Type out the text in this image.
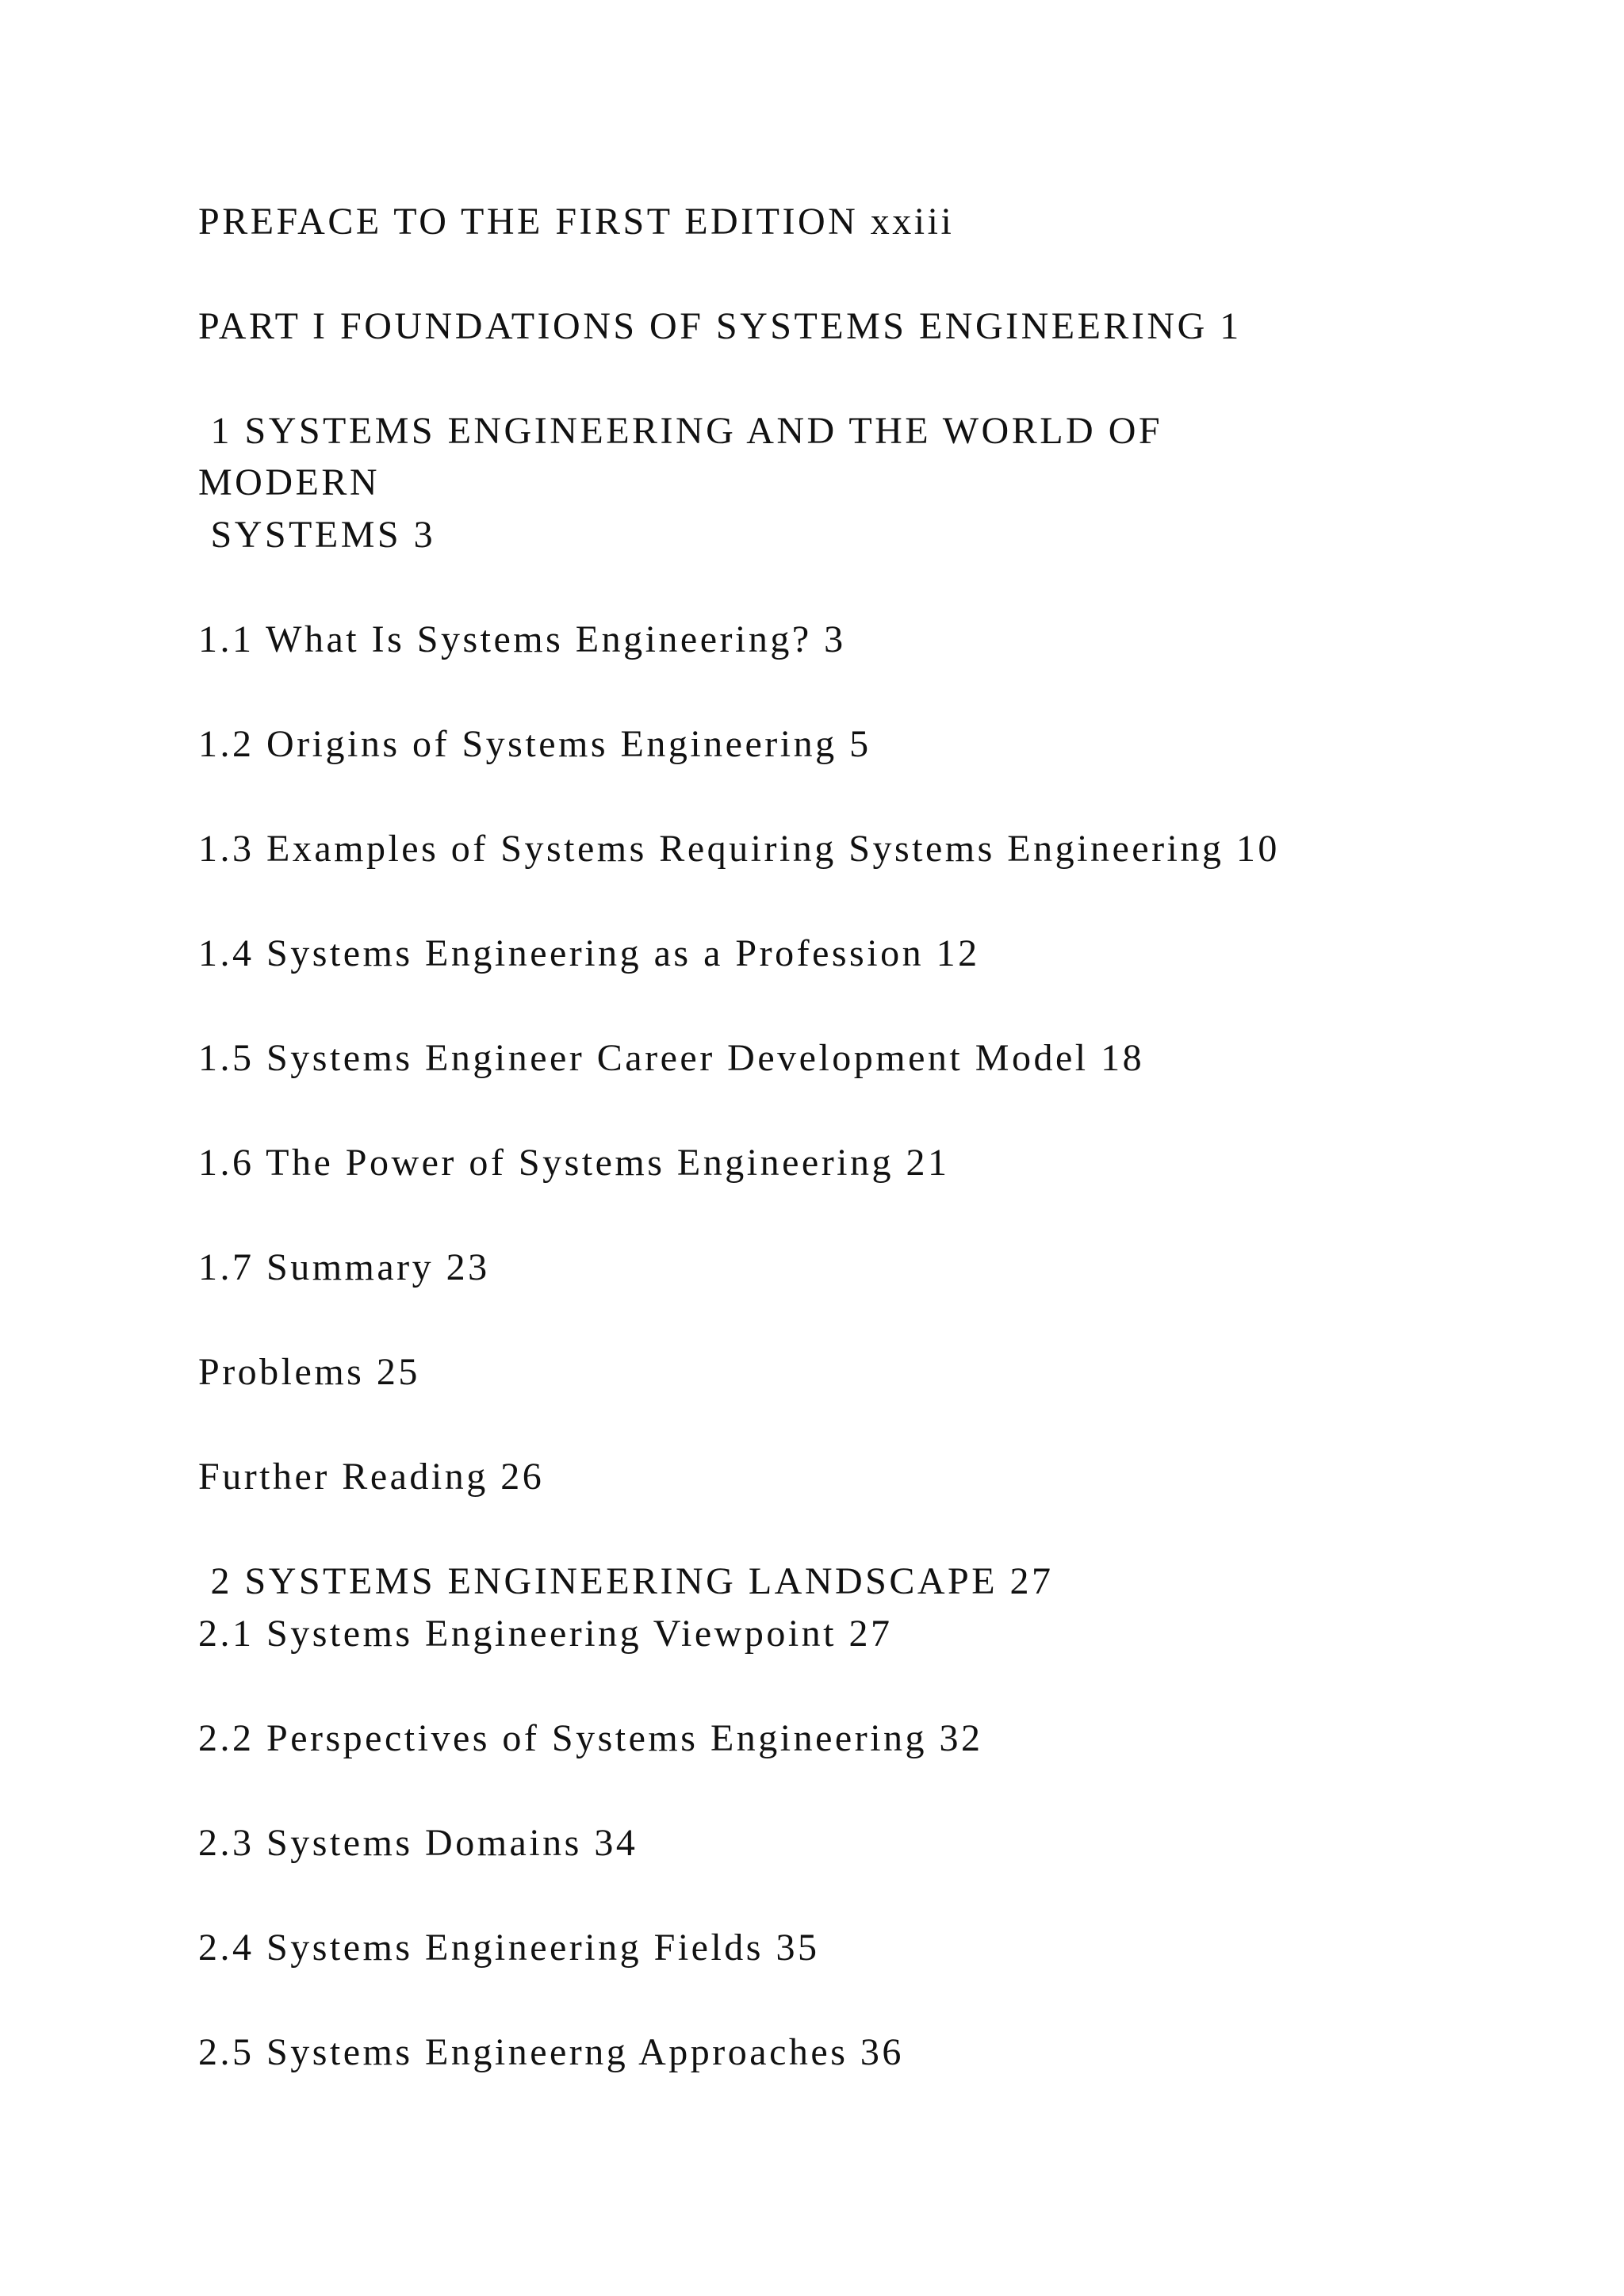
PREFACE TO THE FIRST EDITION xxiii
PART I FOUNDATIONS OF SYSTEMS ENGINEERING 1
1 SYSTEMS ENGINEERING AND THE WORLD OF
MODERN
SYSTEMS 3
1.1 What Is Systems Engineering? 3
1.2 Origins of Systems Engineering 5
1.3 Examples of Systems Requiring Systems Engineering 10
1.4 Systems Engineering as a Profession 12
1.5 Systems Engineer Career Development Model 18
1.6 The Power of Systems Engineering 21
1.7 Summary 23
Problems 25
Further Reading 26
2 SYSTEMS ENGINEERING LANDSCAPE 27
2.1 Systems Engineering Viewpoint 27
2.2 Perspectives of Systems Engineering 32
2.3 Systems Domains 34
2.4 Systems Engineering Fields 35
2.5 Systems Engineerng Approaches 36
